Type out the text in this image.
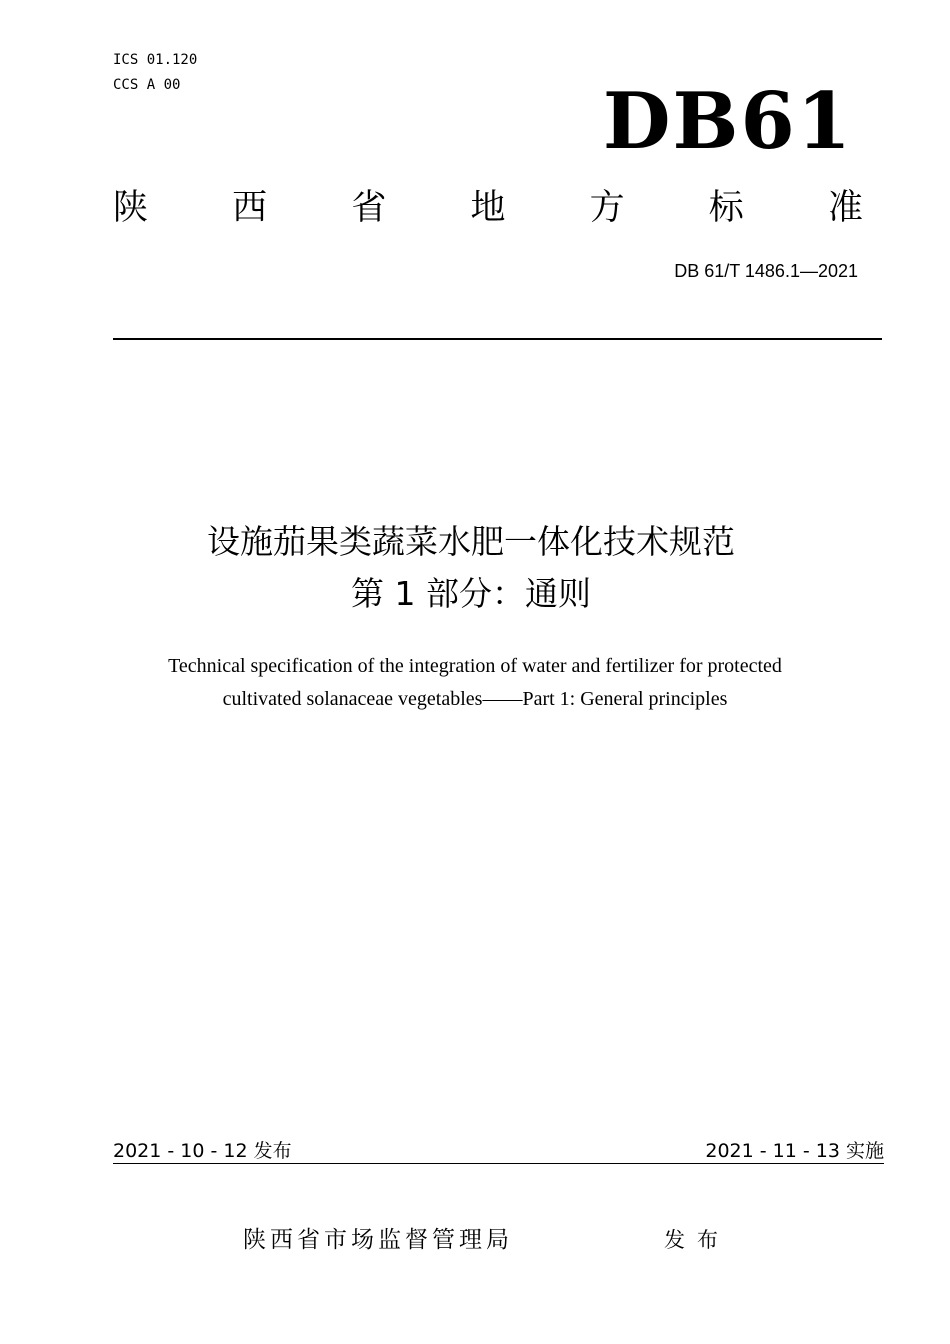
ICS 01.120
CCS A 00	DB61
陕 西 省 地 方 标 准
DB 61/T 1486.1—2021
设施茄果类蔬菜水肥一体化技术规范
第 1 部分：通则
Technical specification of the integration of water and fertilizer for protected
cultivated solanaceae vegetables——Part 1: General principles
2021 - 10 - 12 发布	2021 - 11 - 13 实施
陕西省市场监督管理局	发布
